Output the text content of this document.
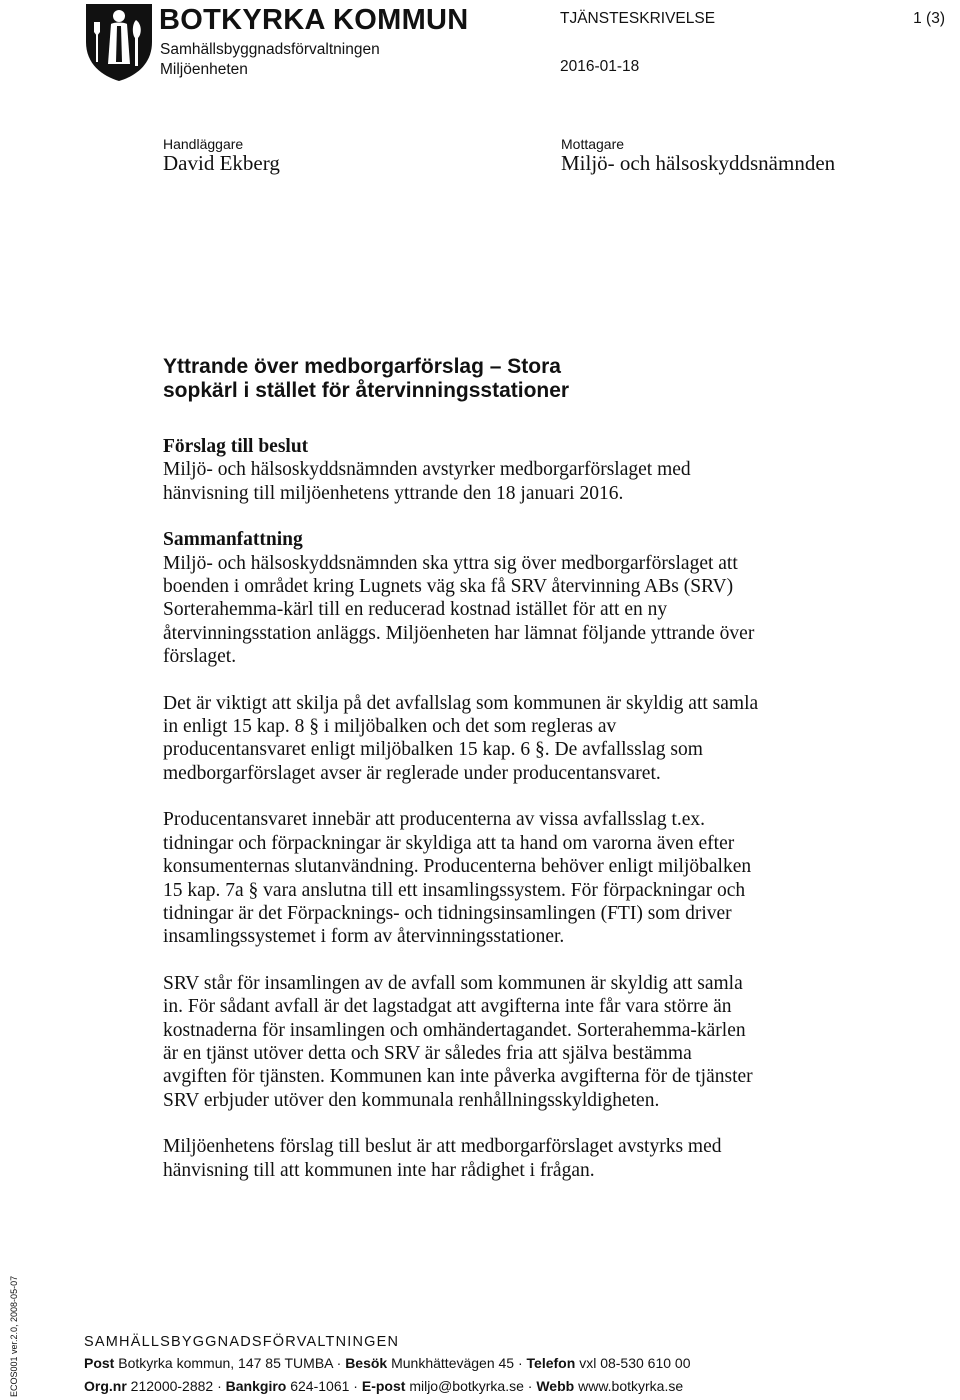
BOTKYRKA KOMMUN
Samhällsbyggnadsförvaltningen
Miljöenheten
TJÄNSTESKRIVELSE	1 (3)
2016-01-18
Handläggare
David Ekberg
Mottagare
Miljö- och hälsoskyddsnämnden
Yttrande över medborgarförslag – Stora
sopkärl i stället för återvinningsstationer
Förslag till beslut

Miljö- och hälsoskyddsnämnden avstyrker medborgarförslaget med
hänvisning till miljöenhetens yttrande den 18 januari 2016.

Sammanfattning

Miljö- och hälsoskyddsnämnden ska yttra sig över medborgarförslaget att
boenden i området kring Lugnets väg ska få SRV återvinning ABs (SRV)
Sorterahemma-kärl till en reducerad kostnad istället för att en ny
återvinningsstation anläggs. Miljöenheten har lämnat följande yttrande över
förslaget.

Det är viktigt att skilja på det avfallslag som kommunen är skyldig att samla
in enligt 15 kap. 8 § i miljöbalken och det som regleras av
producentansvaret enligt miljöbalken 15 kap. 6 §. De avfallsslag som
medborgarförslaget avser är reglerade under producentansvaret.

Producentansvaret innebär att producenterna av vissa avfallsslag t.ex.
tidningar och förpackningar är skyldiga att ta hand om varorna även efter
konsumenternas slutanvändning. Producenterna behöver enligt miljöbalken
15 kap. 7a § vara anslutna till ett insamlingssystem. För förpackningar och
tidningar är det Förpacknings- och tidningsinsamlingen (FTI) som driver
insamlingssystemet i form av återvinningsstationer.

SRV står för insamlingen av de avfall som kommunen är skyldig att samla
in. För sådant avfall är det lagstadgat att avgifterna inte får vara större än
kostnaderna för insamlingen och omhändertagandet. Sorterahemma-kärlen
är en tjänst utöver detta och SRV är således fria att själva bestämma
avgiften för tjänsten. Kommunen kan inte påverka avgifterna för de tjänster
SRV erbjuder utöver den kommunala renhållningsskyldigheten.

Miljöenhetens förslag till beslut är att medborgarförslaget avstyrks med
hänvisning till att kommunen inte har rådighet i frågan.

ECOS001 ver.2.0, 2008-05-07	SAMHÄLLSBYGGNADSFÖRVALTNINGEN
Post Botkyrka kommun, 147 85 TUMBA · Besök Munkhättevägen 45 · Telefon vxl 08-530 610 00
Org.nr 212000-2882 · Bankgiro 624-1061 · E-post miljo@botkyrka.se · Webb www.botkyrka.se
